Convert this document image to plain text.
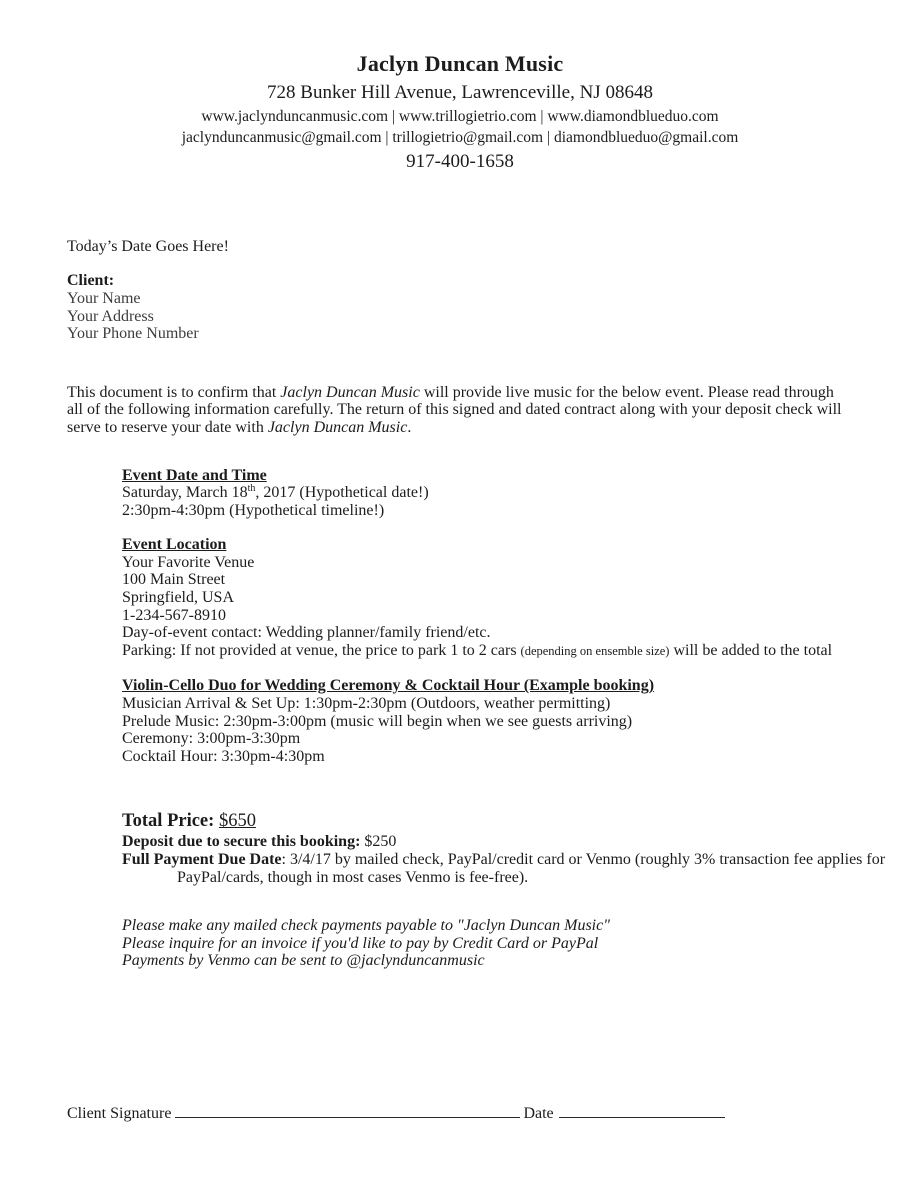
Jaclyn Duncan Music
728 Bunker Hill Avenue, Lawrenceville, NJ 08648
www.jaclynduncanmusic.com | www.trillogietrio.com | www.diamondblueduo.com
jaclynduncanmusic@gmail.com | trillogietrio@gmail.com | diamondblueduo@gmail.com
917-400-1658
Today’s Date Goes Here!
Client:
Your Name
Your Address
Your Phone Number
This document is to confirm that Jaclyn Duncan Music will provide live music for the below event. Please read through all of the following information carefully. The return of this signed and dated contract along with your deposit check will serve to reserve your date with Jaclyn Duncan Music.
Event Date and Time
Saturday, March 18th, 2017 (Hypothetical date!)
2:30pm-4:30pm (Hypothetical timeline!)
Event Location
Your Favorite Venue
100 Main Street
Springfield, USA
1-234-567-8910
Day-of-event contact: Wedding planner/family friend/etc.
Parking: If not provided at venue, the price to park 1 to 2 cars (depending on ensemble size) will be added to the total
Violin-Cello Duo for Wedding Ceremony & Cocktail Hour (Example booking)
Musician Arrival & Set Up: 1:30pm-2:30pm (Outdoors, weather permitting)
Prelude Music: 2:30pm-3:00pm (music will begin when we see guests arriving)
Ceremony: 3:00pm-3:30pm
Cocktail Hour: 3:30pm-4:30pm
Total Price: $650
Deposit due to secure this booking: $250
Full Payment Due Date: 3/4/17 by mailed check, PayPal/credit card or Venmo (roughly 3% transaction fee applies for PayPal/cards, though in most cases Venmo is fee-free).
Please make any mailed check payments payable to "Jaclyn Duncan Music"
Please inquire for an invoice if you'd like to pay by Credit Card or PayPal
Payments by Venmo can be sent to @jaclynduncanmusic
Client Signature	Date
